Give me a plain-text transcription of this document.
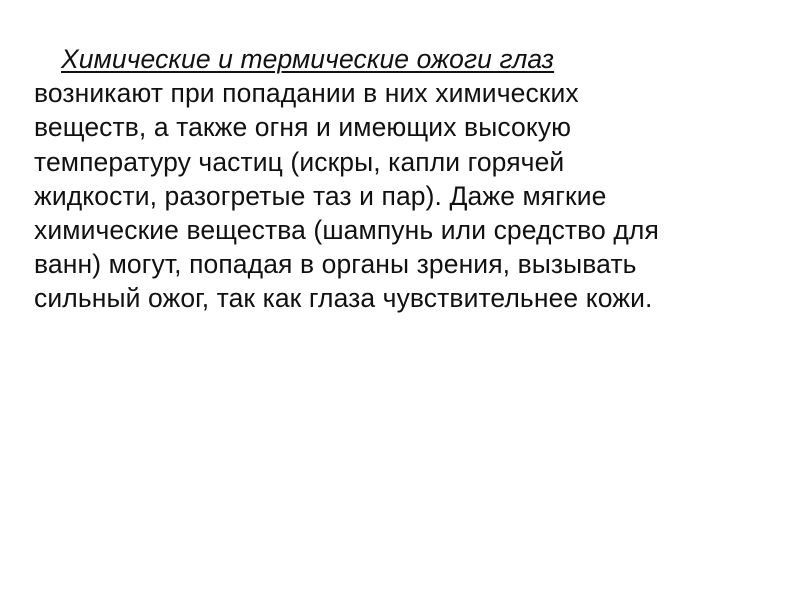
Химические и термические ожоги глаз
возникают при попадании в них химических
веществ, а также огня и имеющих высокую
температуру частиц (искры, капли горячей
жидкости, разогретые таз и пар). Даже мягкие
химические вещества (шампунь или средство для
ванн) могут, попадая в органы зрения, вызывать
сильный ожог, так как глаза чувствительнее кожи.
